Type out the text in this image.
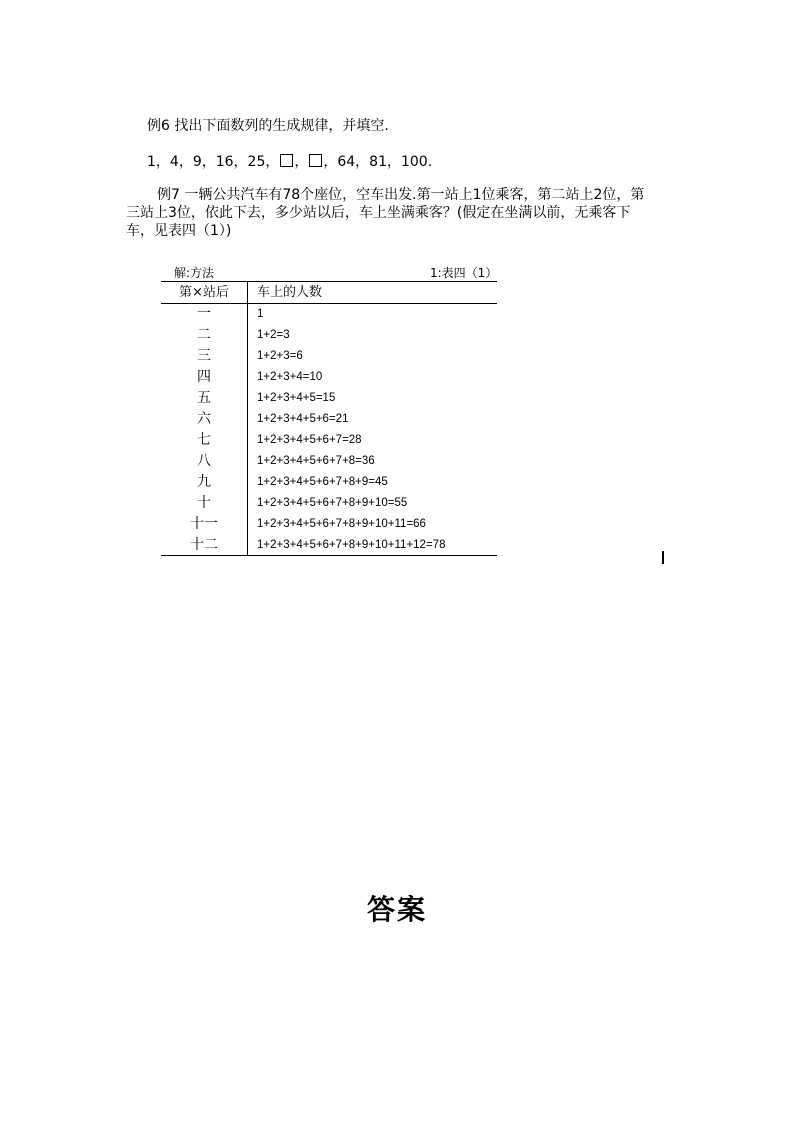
例6 找出下面数列的生成规律，并填空.
1，4，9，16，25， ， ，64，81，100.
例7 一辆公共汽车有78个座位，空车出发.第一站上1位乘客，第二站上2位，第三站上3位，依此下去，多少站以后，车上坐满乘客？(假定在坐满以前，无乘客下车，见表四（1）)
解:方法	1:表四（1）
第×站后	车上的人数
一	1
二	1+2=3
三	1+2+3=6
四	1+2+3+4=10
五	1+2+3+4+5=15
六	1+2+3+4+5+6=21
七	1+2+3+4+5+6+7=28
八	1+2+3+4+5+6+7+8=36
九	1+2+3+4+5+6+7+8+9=45
十	1+2+3+4+5+6+7+8+9+10=55
十一	1+2+3+4+5+6+7+8+9+10+11=66
十二	1+2+3+4+5+6+7+8+9+10+11+12=78
答案
